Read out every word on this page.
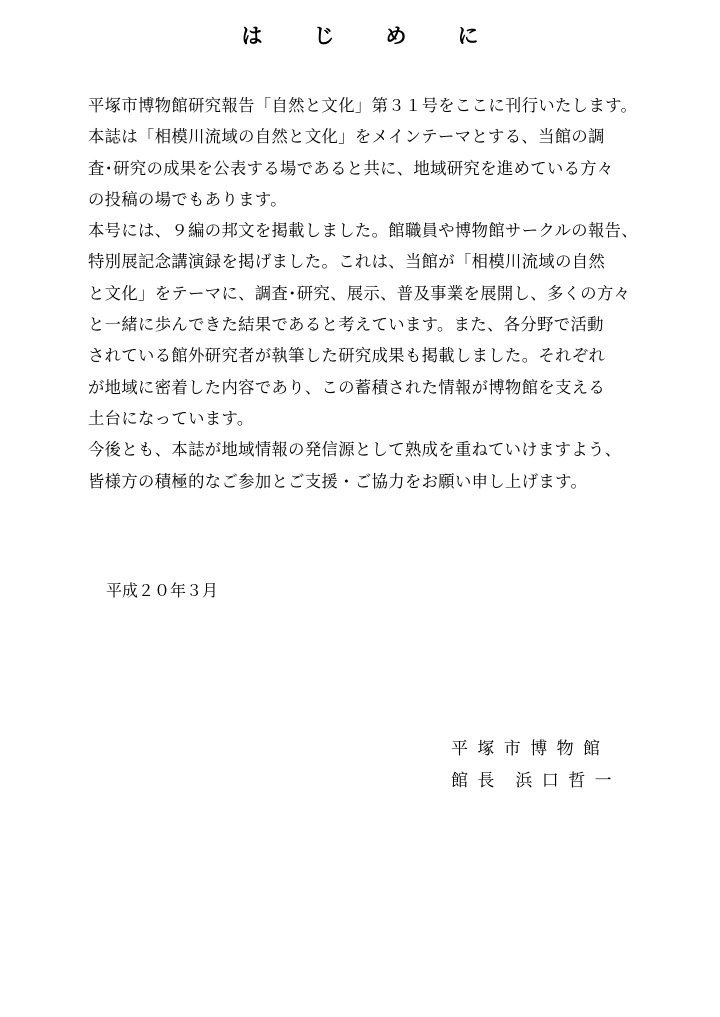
は　じ　め　に
平塚市博物館研究報告「自然と文化」第３１号をここに刊行いたします。
本誌は「相模川流域の自然と文化」をメインテーマとする、当館の調
査･研究の成果を公表する場であると共に、地域研究を進めている方々
の投稿の場でもあります。
本号には、９編の邦文を掲載しました。館職員や博物館サークルの報告、
特別展記念講演録を掲げました。これは、当館が「相模川流域の自然
と文化」をテーマに、調査･研究、展示、普及事業を展開し、多くの方々
と一緒に歩んできた結果であると考えています。また、各分野で活動
されている館外研究者が執筆した研究成果も掲載しました。それぞれ
が地域に密着した内容であり、この蓄積された情報が博物館を支える
土台になっています。
今後とも、本誌が地域情報の発信源として熟成を重ねていけますよう、
皆様方の積極的なご参加とご支援・ご協力をお願い申し上げます。
平成２０年３月
平 塚 市 博 物 館
館 長　浜 口 哲 一
